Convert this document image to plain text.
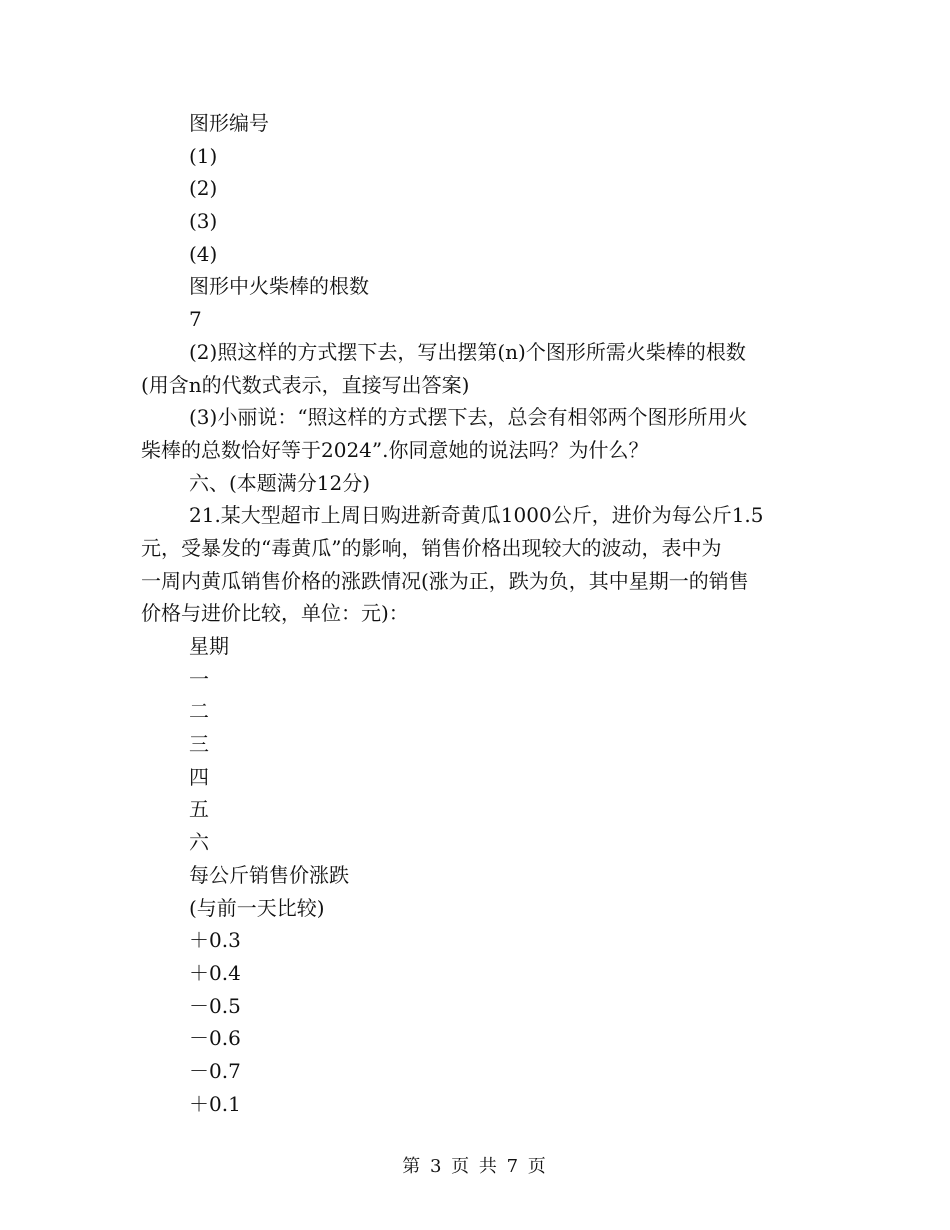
图形编号
(1)
(2)
(3)
(4)
图形中火柴棒的根数
7
(2)照这样的方式摆下去，写出摆第(n)个图形所需火柴棒的根数
(用含n的代数式表示，直接写出答案)
(3)小丽说：“照这样的方式摆下去，总会有相邻两个图形所用火
柴棒的总数恰好等于2024”.你同意她的说法吗？为什么？
六、(本题满分12分)
21.某大型超市上周日购进新奇黄瓜1000公斤，进价为每公斤1.5
元，受暴发的“毒黄瓜”的影响，销售价格出现较大的波动，表中为
一周内黄瓜销售价格的涨跌情况(涨为正，跌为负，其中星期一的销售
价格与进价比较，单位：元)：
星期
一
二
三
四
五
六
每公斤销售价涨跌
(与前一天比较)
＋0.3
＋0.4
－0.5
－0.6
－0.7
＋0.1
第 3 页 共 7 页
